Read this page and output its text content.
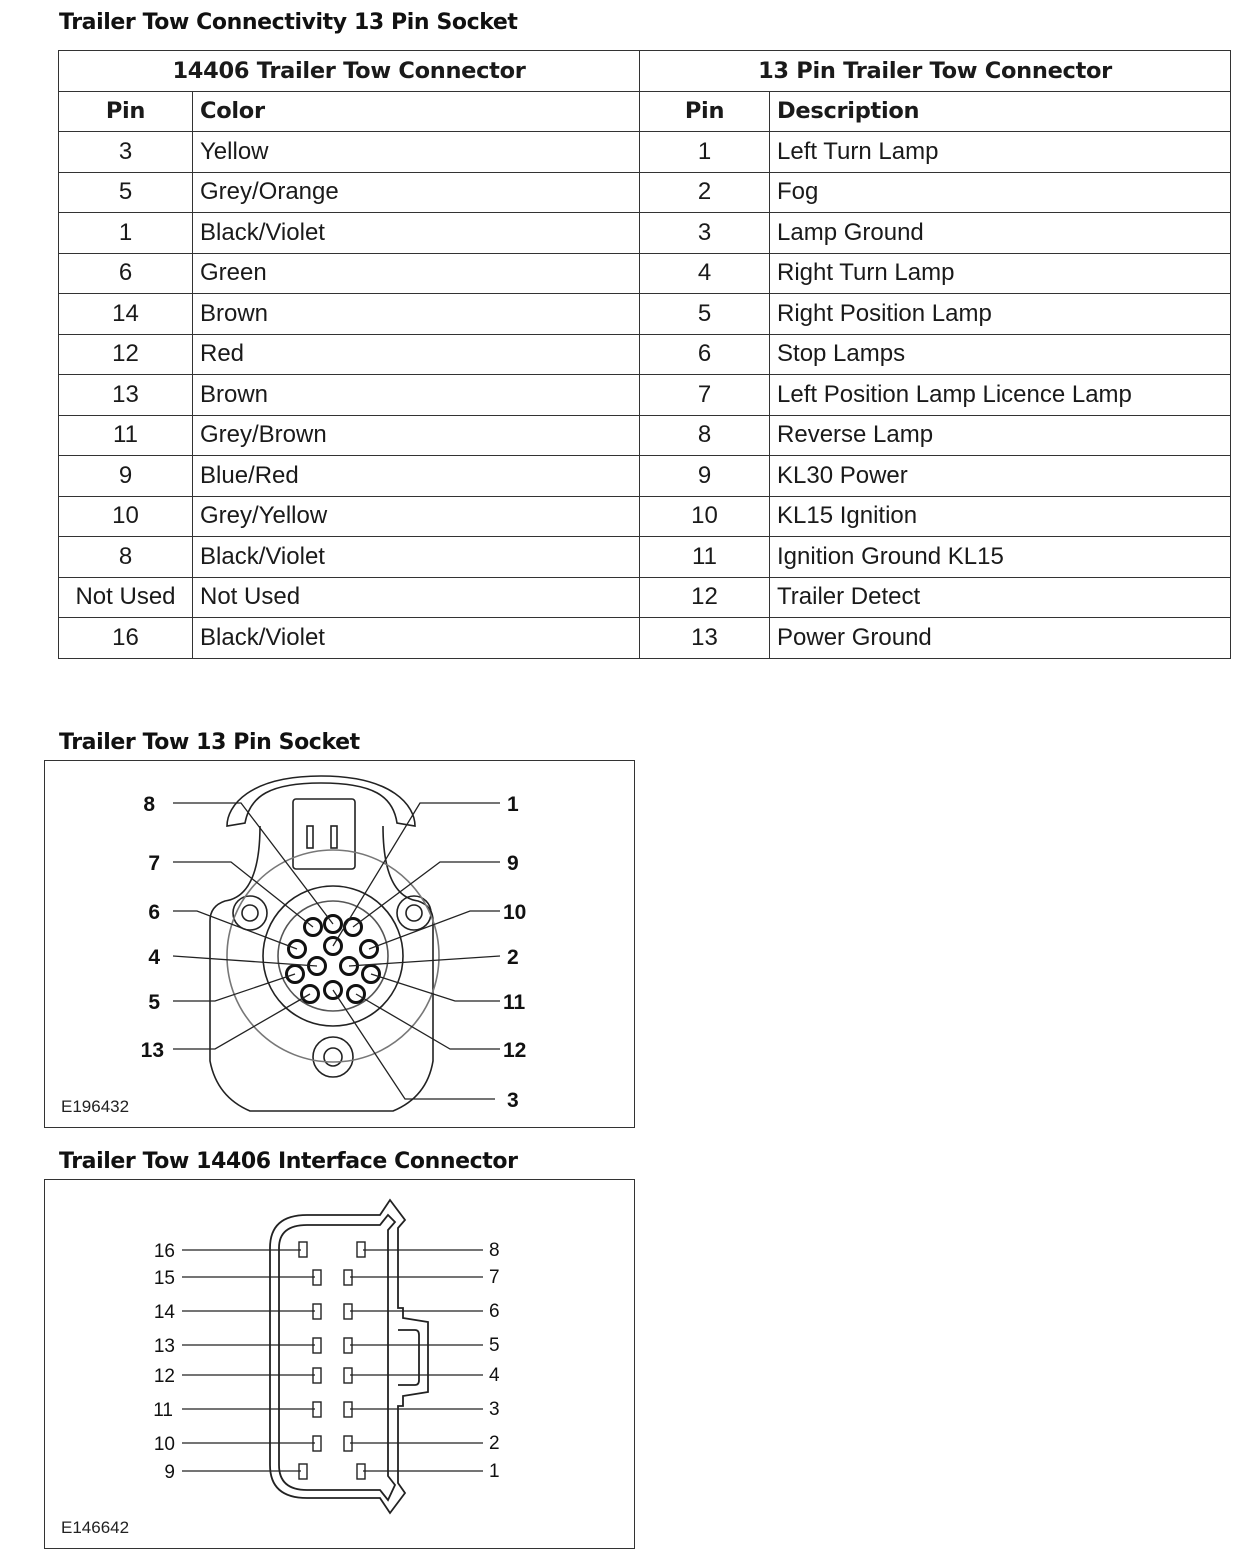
Trailer Tow Connectivity 13 Pin Socket
14406 Trailer Tow Connector		13 Pin Trailer Tow Connector	
Pin	Color	Pin	Description
3	Yellow	1	Left Turn Lamp
5	Grey/Orange	2	Fog
1	Black/Violet	3	Lamp Ground
6	Green	4	Right Turn Lamp
14	Brown	5	Right Position Lamp
12	Red	6	Stop Lamps
13	Brown	7	Left Position Lamp Licence Lamp
11	Grey/Brown	8	Reverse Lamp
9	Blue/Red	9	KL30 Power
10	Grey/Yellow	10	KL15 Ignition
8	Black/Violet	11	Ignition Ground KL15
Not Used	Not Used	12	Trailer Detect
16	Black/Violet	13	Power Ground
Trailer Tow 13 Pin Socket
8
7
6
4
5
13
1
9
10
2
11
12
3
E196432
Trailer Tow 14406 Interface Connector
16
15
14
13
12
11
10
9
8
7
6
5
4
3
2
1
E146642
